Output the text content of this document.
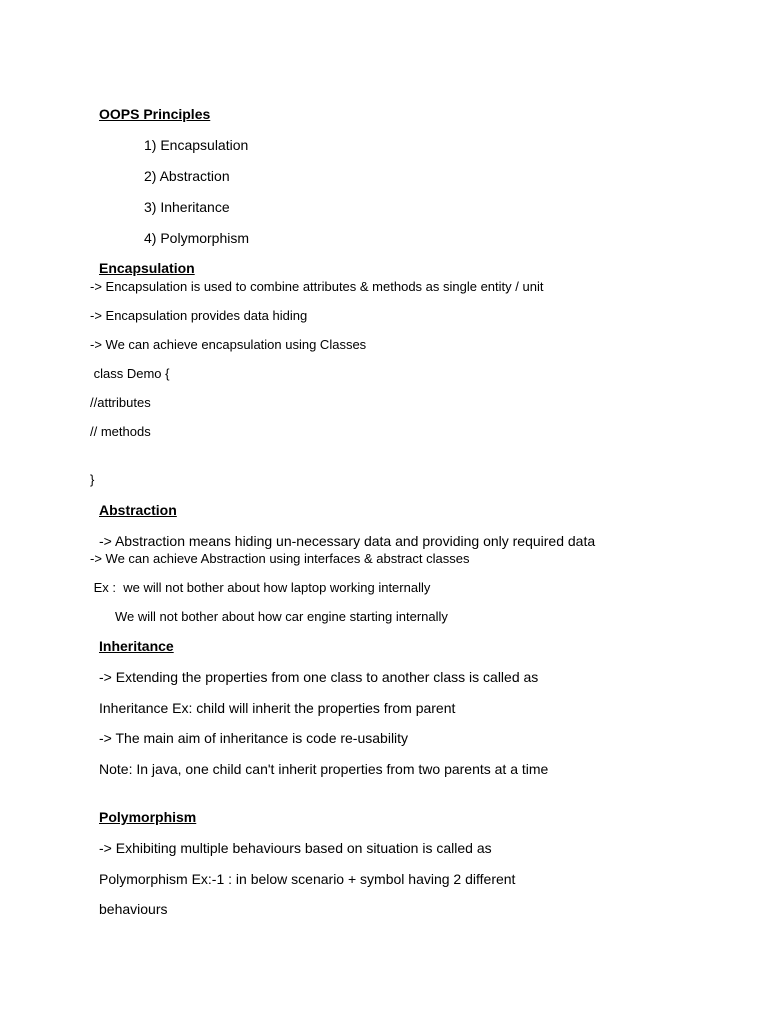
OOPS Principles
1) Encapsulation
2) Abstraction
3) Inheritance
4) Polymorphism
Encapsulation
-> Encapsulation is used to combine attributes & methods as single entity / unit
-> Encapsulation provides data hiding
-> We can achieve encapsulation using Classes
class Demo {
//attributes
// methods
}
Abstraction
-> Abstraction means hiding un-necessary data and providing only required data
-> We can achieve Abstraction using interfaces & abstract classes
Ex :  we will not bother about how laptop working internally
We will not bother about how car engine starting internally
Inheritance
-> Extending the properties from one class to another class is called as
Inheritance Ex: child will inherit the properties from parent
-> The main aim of inheritance is code re-usability
Note: In java, one child can't inherit properties from two parents at a time
Polymorphism
-> Exhibiting multiple behaviours based on situation is called as
Polymorphism Ex:-1 : in below scenario + symbol having 2 different
behaviours
